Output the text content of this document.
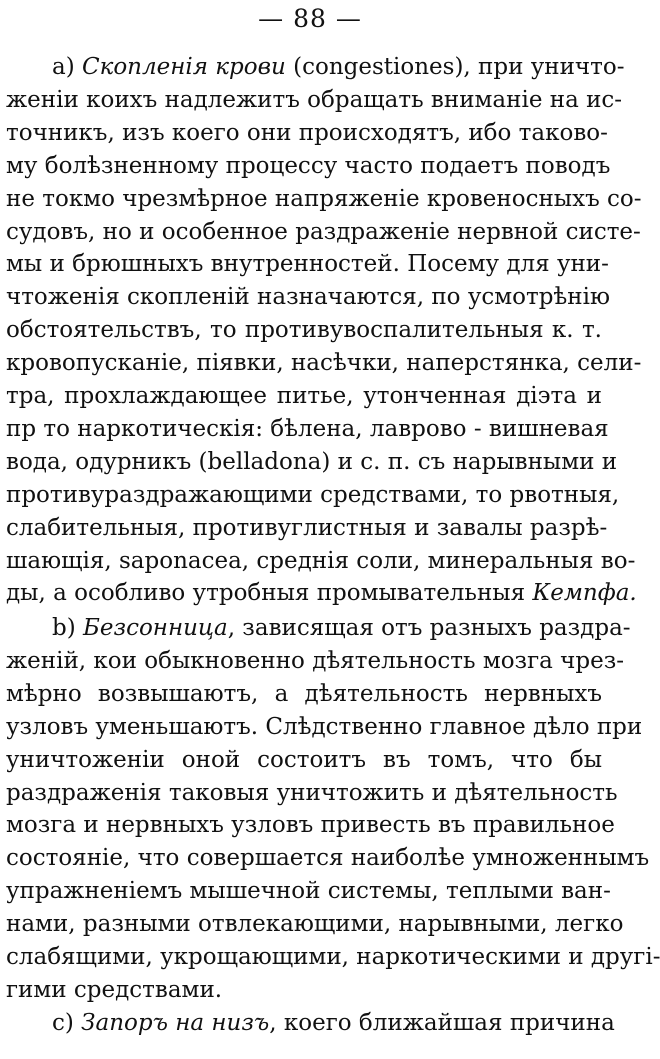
— 88 —
a) Скопленія крови (congestiones), при уничто-
женіи коихъ надлежитъ обращать вниманіе на ис-
точникъ, изъ коего они происходятъ, ибо таково-
му болѣзненному процессу часто подаетъ поводъ
не токмо чрезмѣрное напряженіе кровеносныхъ со-
судовъ, но и особенное раздраженіе нервной систе-
мы и брюшныхъ внутренностей. Посему для уни-
чтоженія скопленій назначаются, по усмотрѣнію
обстоятельствъ, то противувоспалительныя к. т.
кровопусканіе, піявки, насѣчки, наперстянка, сели-
тра, прохлаждающее питье, утонченная діэта и
пр то наркотическія: бѣлена, лаврово - вишневая
вода, одурникъ (belladona) и с. п. съ нарывными и
противураздражающими средствами, то рвотныя,
слабительныя, противуглистныя и завалы разрѣ-
шающія, saponacea, среднія соли, минеральныя во-
ды, а особливо утробныя промывательныя Кемпфа.
b) Безсонница, зависящая отъ разныхъ раздра-
женій, кои обыкновенно дѣятельность мозга чрез-
мѣрно возвышаютъ, а дѣятельность нервныхъ
узловъ уменьшаютъ. Слѣдственно главное дѣло при
уничтоженіи оной состоитъ въ томъ, что бы
раздраженія таковыя уничтожить и дѣятельность
мозга и нервныхъ узловъ привесть въ правильное
состояніе, что совершается наиболѣе умноженнымъ
упражненіемъ мышечной системы, теплыми ван-
нами, разными отвлекающими, нарывными, легко
слабящими, укрощающими, наркотическими и другі-
гими средствами.
c) Запоръ на низъ, коего ближайшая причина
